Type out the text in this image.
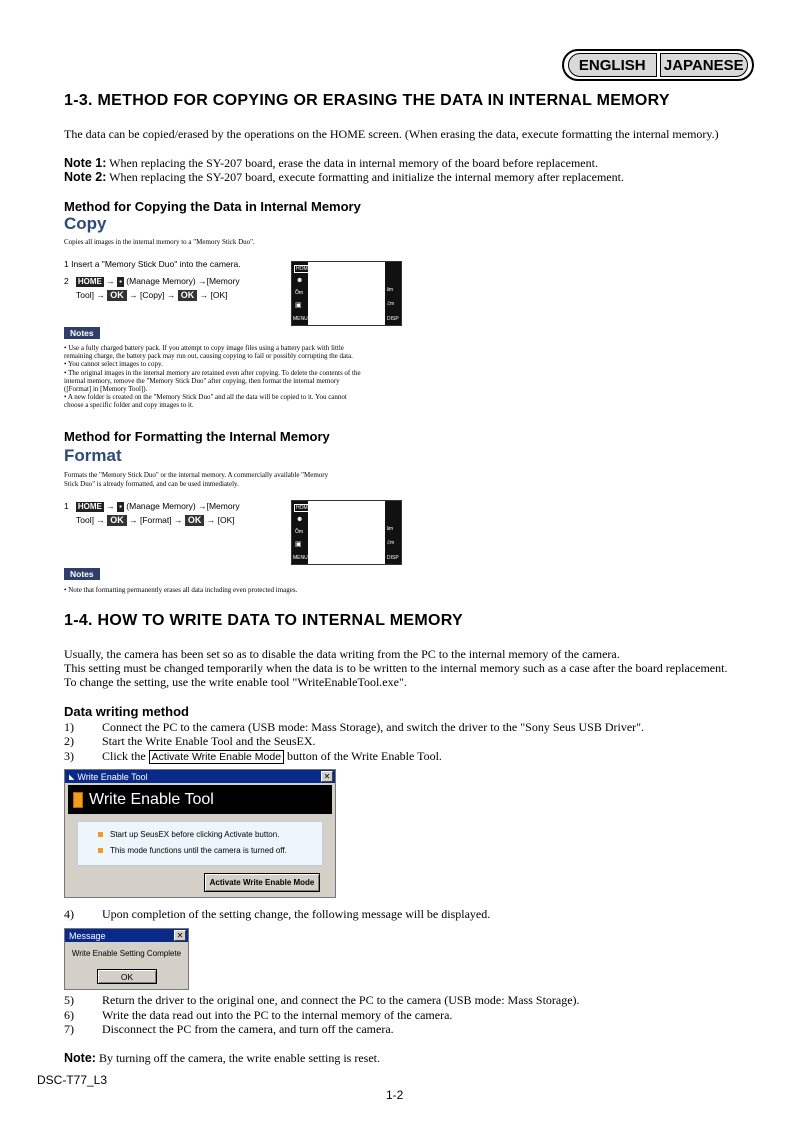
ENGLISH	JAPANESE
1-3. METHOD FOR COPYING OR ERASING THE DATA IN INTERNAL MEMORY
The data can be copied/erased by the operations on the HOME screen. (When erasing the data, execute formatting the internal memory.)
Note 1: When replacing the SY-207 board, erase the data in internal memory of the board before replacement.
Note 2: When replacing the SY-207 board, execute formatting and initialize the internal memory after replacement.
Method for Copying the Data in Internal Memory
Copy
Copies all images in the internal memory to a "Memory Stick Duo".
1 Insert a "Memory Stick Duo" into the camera.
2 HOME → ▪ (Manage Memory) →[Memory
Tool] → OK → [Copy] → OK → [OK]
HOME
☻
Ȍm
▣
MENU
ℹm
ℰm
DISP
Notes
• Use a fully charged battery pack. If you attempt to copy image files using a battery pack with little
remaining charge, the battery pack may run out, causing copying to fail or possibly corrupting the data.
• You cannot select images to copy.
• The original images in the internal memory are retained even after copying. To delete the contents of the
internal memory, remove the "Memory Stick Duo" after copying, then format the internal memory
([Format] in [Memory Tool]).
• A new folder is created on the "Memory Stick Duo" and all the data will be copied to it. You cannot
choose a specific folder and copy images to it.
Method for Formatting the Internal Memory
Format
Formats the "Memory Stick Duo" or the internal memory. A commercially available "Memory
Stick Duo" is already formatted, and can be used immediately.
1 HOME → ▪ (Manage Memory) →[Memory
Tool] → OK → [Format] → OK → [OK]
HOME
☻
Ȍm
▣
MENU
ℹm
ℰm
DISP
Notes
• Note that formatting permanently erases all data including even protected images.
1-4. HOW TO WRITE DATA TO INTERNAL MEMORY
Usually, the camera has been set so as to disable the data writing from the PC to the internal memory of the camera.
This setting must be changed temporarily when the data is to be written to the internal memory such as a case after the board replacement.
To change the setting, use the write enable tool "WriteEnableTool.exe".
Data writing method
1) Connect the PC to the camera (USB mode: Mass Storage), and switch the driver to the "Sony Seus USB Driver".
2) Start the Write Enable Tool and the SeusEX.
3) Click the Activate Write Enable Mode button of the Write Enable Tool.
◣ Write Enable Tool	✕
Write Enable Tool
Start up SeusEX before clicking Activate button.
This mode functions until the camera is turned off.
Activate Write Enable Mode
4) Upon completion of the setting change, the following message will be displayed.
Message	✕
Write Enable Setting Complete
OK
5) Return the driver to the original one, and connect the PC to the camera (USB mode: Mass Storage).
6) Write the data read out into the PC to the internal memory of the camera.
7) Disconnect the PC from the camera, and turn off the camera.
Note: By turning off the camera, the write enable setting is reset.
DSC-T77_L3
1-2
